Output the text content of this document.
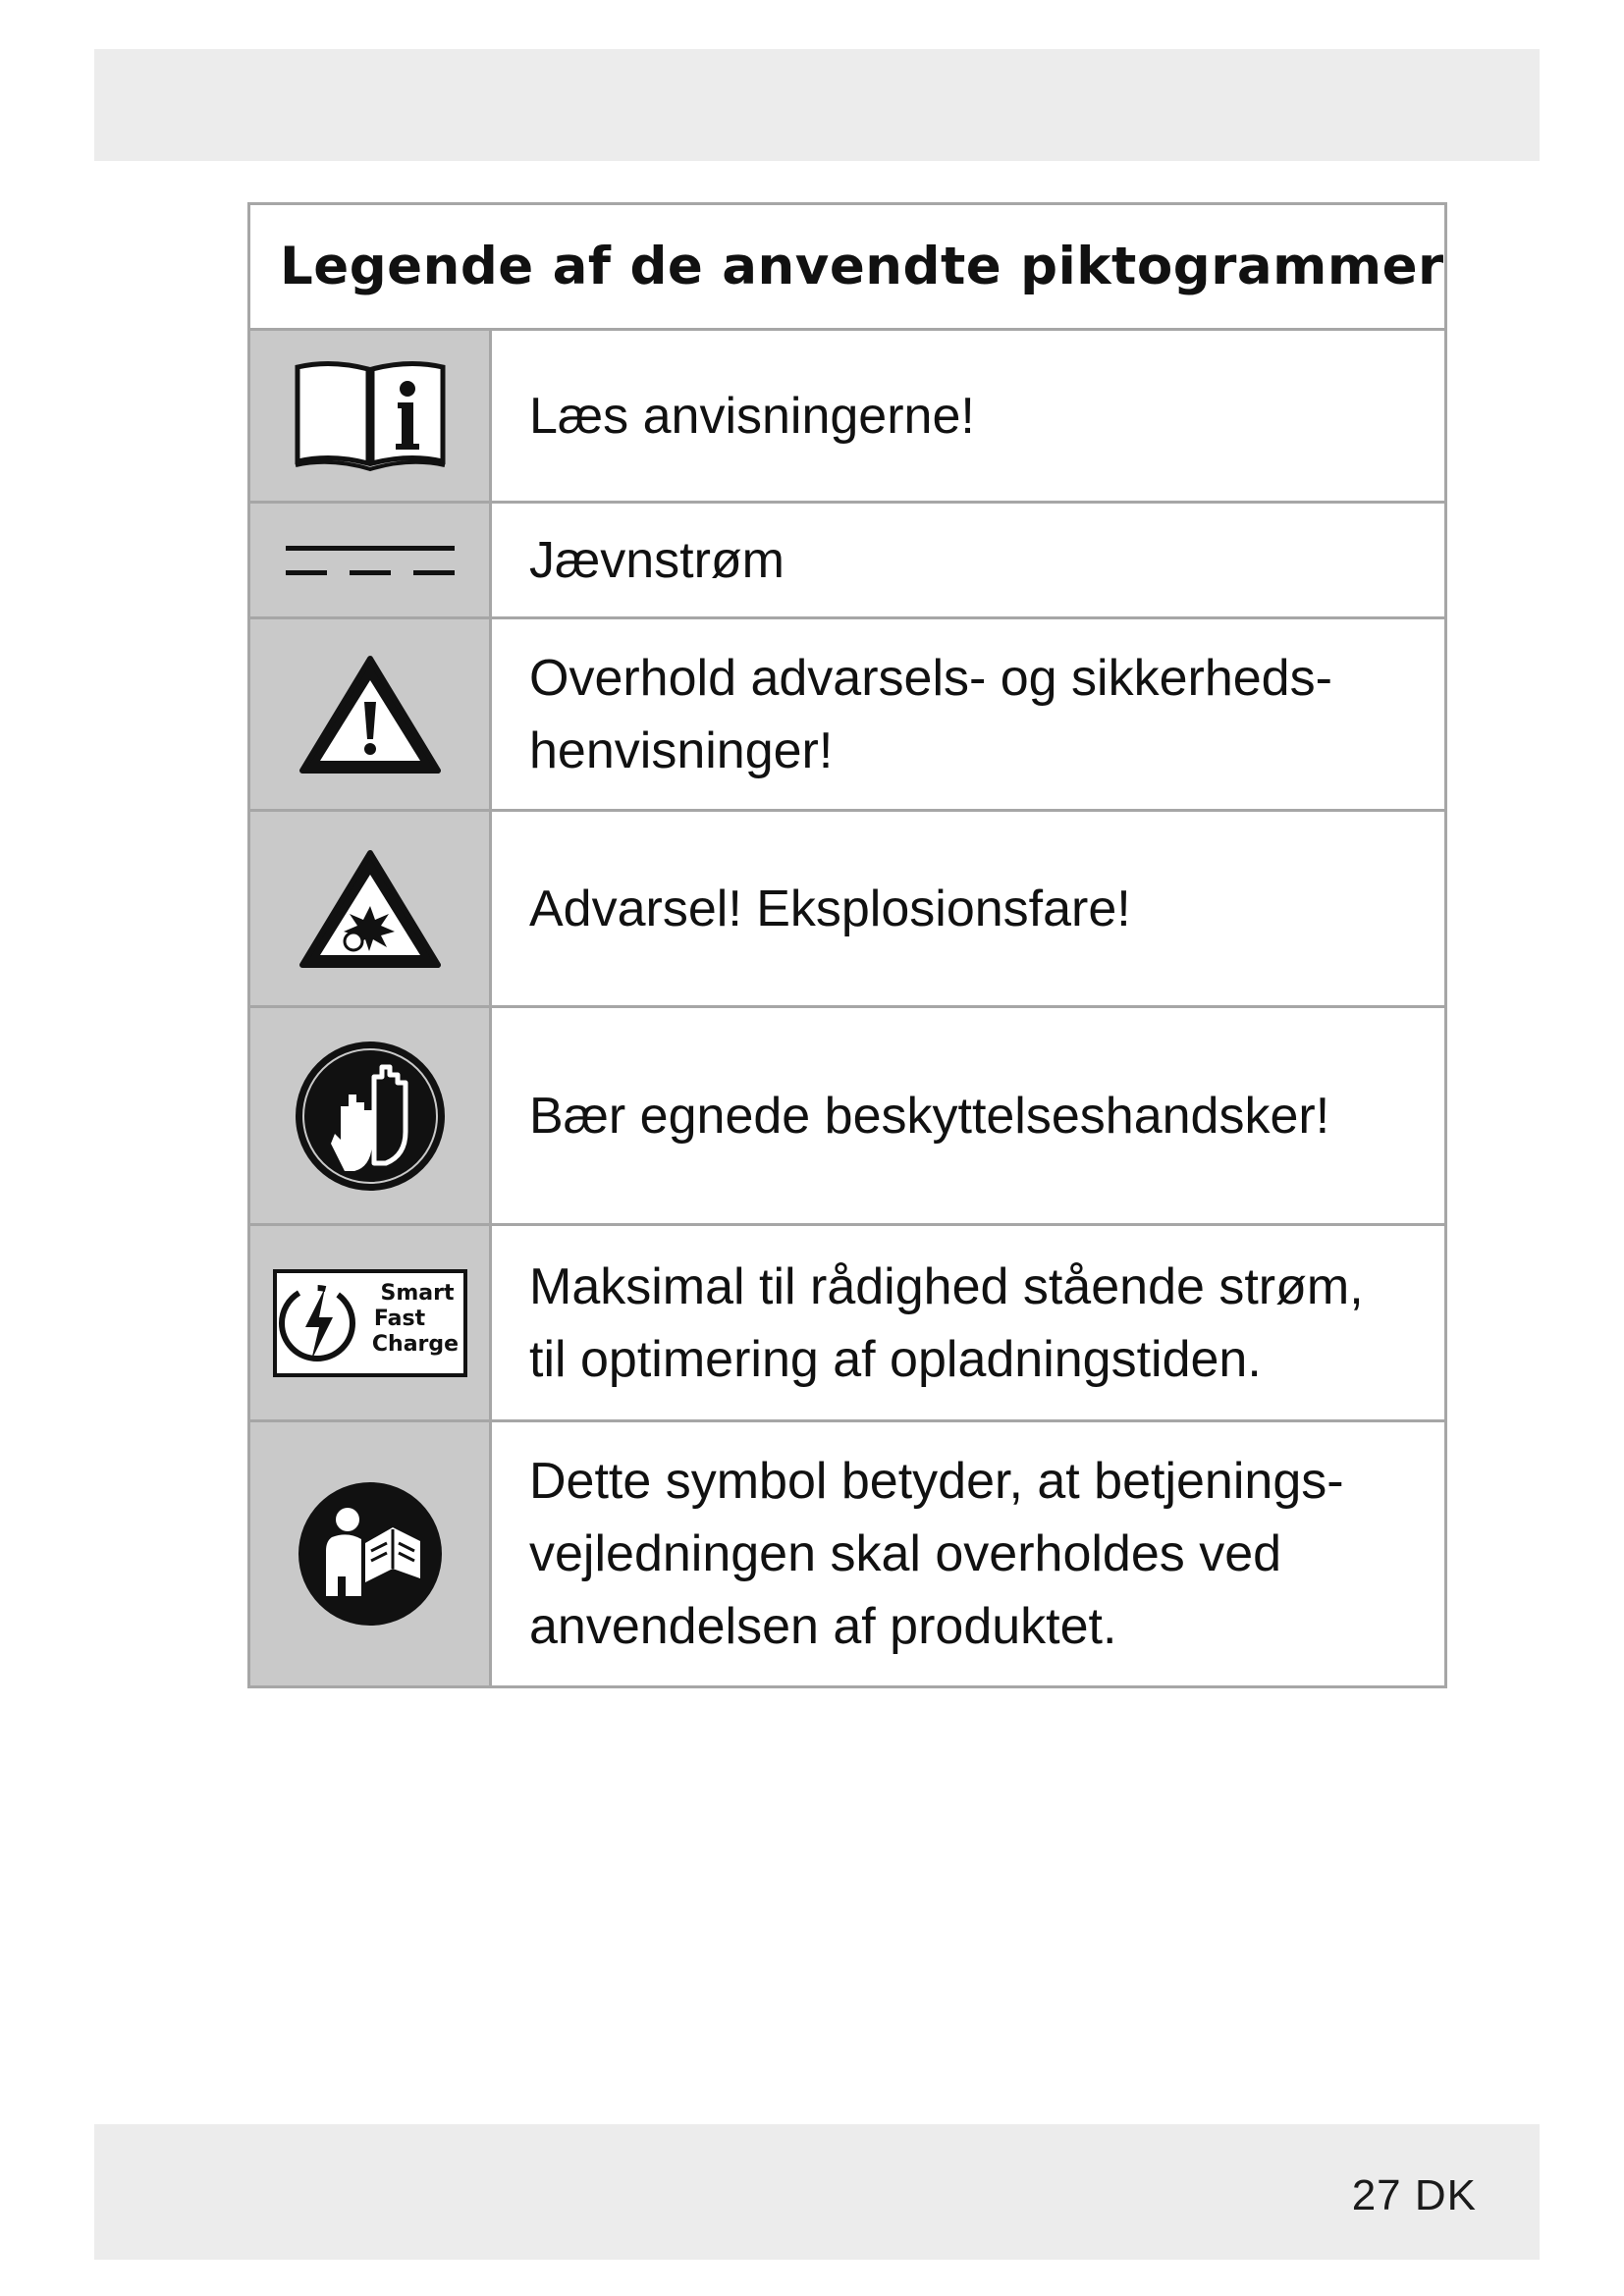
Legende af de anvendte piktogrammer
Læs anvisningerne!
Jævnstrøm
Overhold advarsels- og sikkerheds-
henvisninger!
Advarsel! Eksplosionsfare!
Bær egnede beskyttelseshandsker!
Smart
Fast
Charge
Maksimal til rådighed stående strøm,
til optimering af opladningstiden.
Dette symbol betyder, at betjenings-
vejledningen skal overholdes ved
anvendelsen af produktet.
27 DK
